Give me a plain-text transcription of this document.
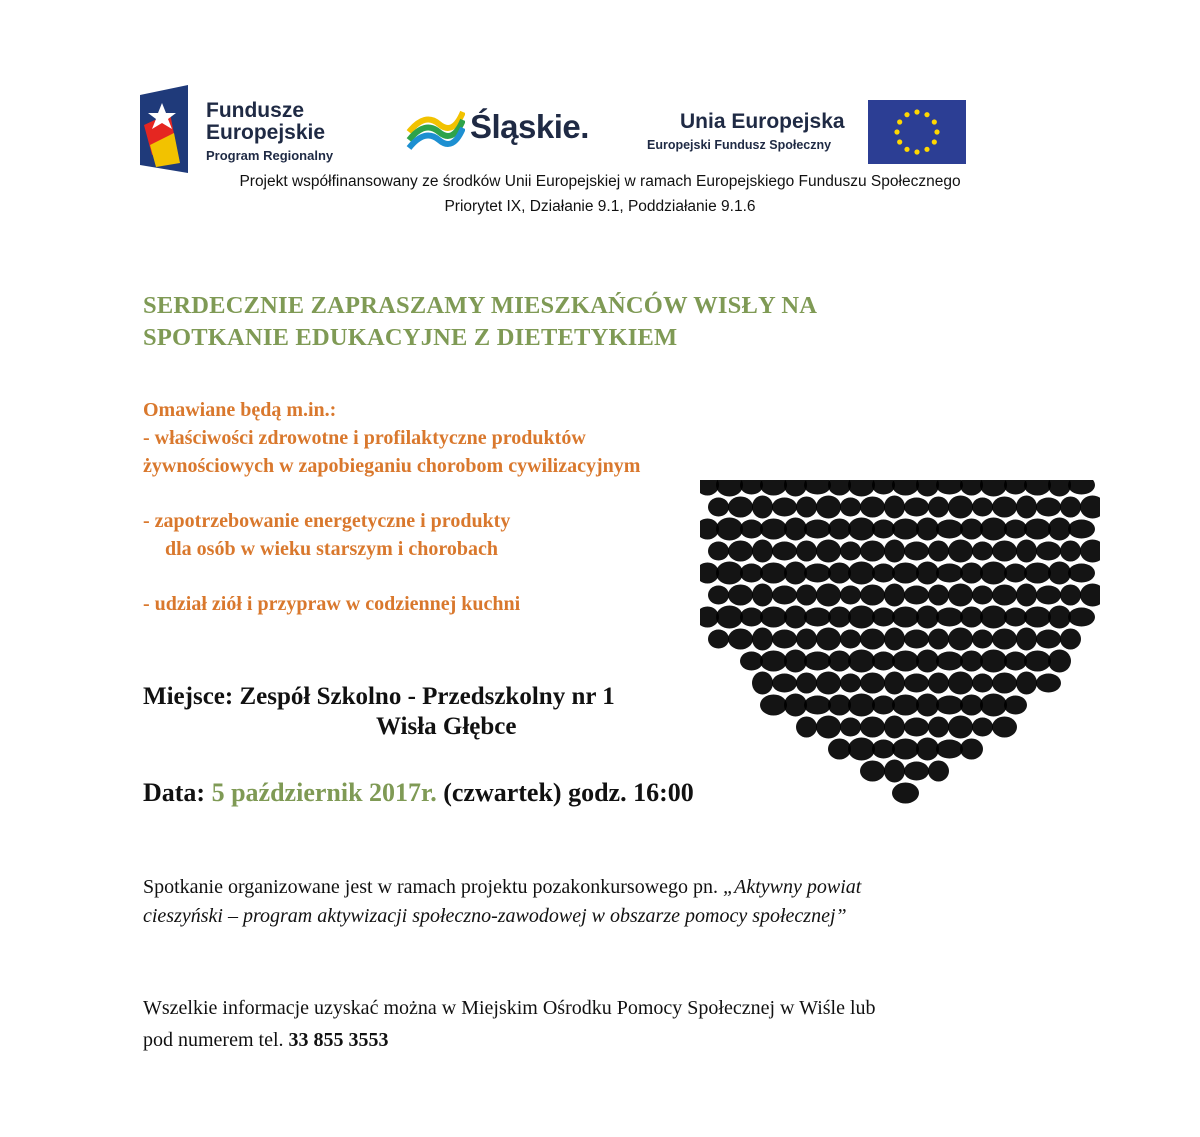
Fundusze
Europejskie
Program Regionalny
Śląskie.	Unia Europejska
Europejski Fundusz Społeczny
Projekt współfinansowany ze środków Unii Europejskiej w ramach Europejskiego Funduszu Społecznego
Priorytet IX, Działanie 9.1, Poddziałanie 9.1.6
SERDECZNIE ZAPRASZAMY MIESZKAŃCÓW WISŁY NA
SPOTKANIE EDUKACYJNE Z DIETETYKIEM
Omawiane będą m.in.:
- właściwości zdrowotne i profilaktyczne produktów
żywnościowych w zapobieganiu chorobom cywilizacyjnym
- zapotrzebowanie energetyczne i produkty
dla osób w wieku starszym i chorobach
- udział ziół i przypraw w codziennej kuchni
Miejsce: Zespół Szkolno - Przedszkolny nr 1
Wisła Głębce
Data: 5 październik 2017r. (czwartek) godz. 16:00
Spotkanie organizowane jest w ramach projektu pozakonkursowego pn. „Aktywny powiat
cieszyński – program aktywizacji społeczno-zawodowej w obszarze pomocy społecznej”
Wszelkie informacje uzyskać można w Miejskim Ośrodku Pomocy Społecznej w Wiśle lub
pod numerem tel. 33 855 3553
